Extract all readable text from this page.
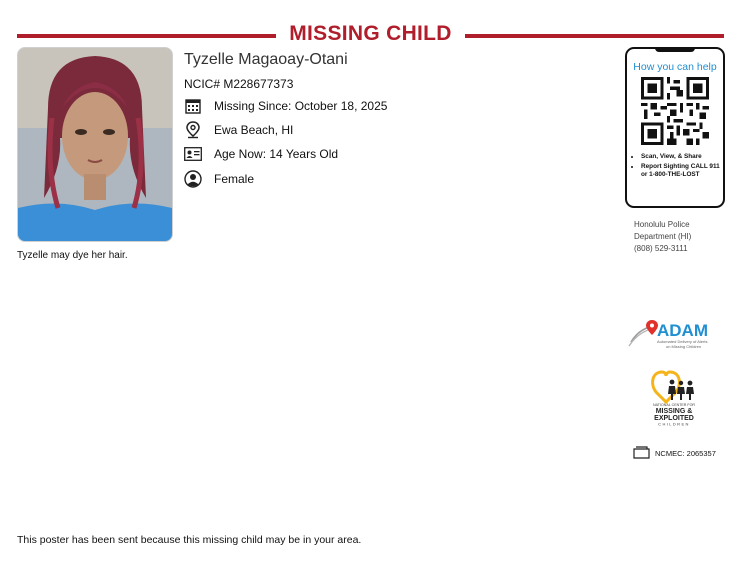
MISSING CHILD
Tyzelle may dye her hair.
Tyzelle Magaoay-Otani
NCIC# M228677373
Missing Since: October 18, 2025
Ewa Beach, HI
Age Now: 14 Years Old
Female
How you can help
• Scan, View, & Share
• Report Sighting CALL 911 or 1-800-THE-LOST
Honolulu Police
Department (HI)
(808) 529-3111
ADAM
Automated Delivery of Alerts
on Missing Children
NATIONAL CENTER FOR
MISSING &
EXPLOITED
CHILDREN
NCMEC: 2065357
This poster has been sent because this missing child may be in your area.
